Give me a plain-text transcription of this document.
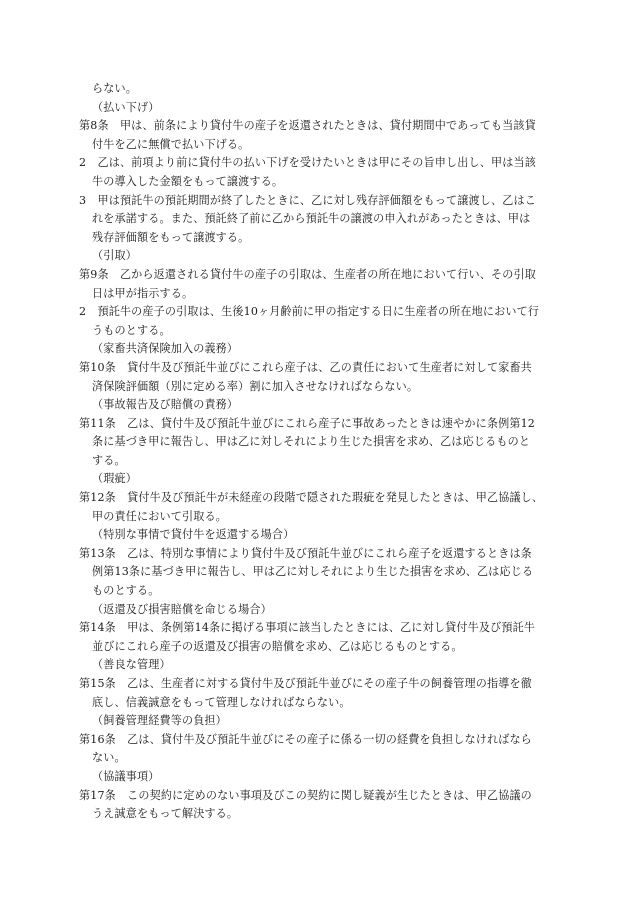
らない。
（払い下げ）
第8条　甲は、前条により貸付牛の産子を返還されたときは、貸付期間中であっても当該貸
付牛を乙に無償で払い下げる。
2　乙は、前項より前に貸付牛の払い下げを受けたいときは甲にその旨申し出し、甲は当該
牛の導入した金額をもって譲渡する。
3　甲は預託牛の預託期間が終了したときに、乙に対し残存評価額をもって譲渡し、乙はこ
れを承諾する。また、預託終了前に乙から預託牛の譲渡の申入れがあったときは、甲は
残存評価額をもって譲渡する。
（引取）
第9条　乙から返還される貸付牛の産子の引取は、生産者の所在地において行い、その引取
日は甲が指示する。
2　預託牛の産子の引取は、生後10ヶ月齢前に甲の指定する日に生産者の所在地において行
うものとする。
（家畜共済保険加入の義務）
第10条　貸付牛及び預託牛並びにこれら産子は、乙の責任において生産者に対して家畜共
済保険評価額（別に定める率）割に加入させなければならない。
（事故報告及び賠償の責務）
第11条　乙は、貸付牛及び預託牛並びにこれら産子に事故あったときは速やかに条例第12
条に基づき甲に報告し、甲は乙に対しそれにより生じた損害を求め、乙は応じるものと
する。
（瑕疵）
第12条　貸付牛及び預託牛が未経産の段階で隠された瑕疵を発見したときは、甲乙協議し、
甲の責任において引取る。
（特別な事情で貸付牛を返還する場合）
第13条　乙は、特別な事情により貸付牛及び預託牛並びにこれら産子を返還するときは条
例第13条に基づき甲に報告し、甲は乙に対しそれにより生じた損害を求め、乙は応じる
ものとする。
（返還及び損害賠償を命じる場合）
第14条　甲は、条例第14条に掲げる事項に該当したときには、乙に対し貸付牛及び預託牛
並びにこれら産子の返還及び損害の賠償を求め、乙は応じるものとする。
（善良な管理）
第15条　乙は、生産者に対する貸付牛及び預託牛並びにその産子牛の飼養管理の指導を徹
底し、信義誠意をもって管理しなければならない。
（飼養管理経費等の負担）
第16条　乙は、貸付牛及び預託牛並びにその産子に係る一切の経費を負担しなければなら
ない。
（協議事項）
第17条　この契約に定めのない事項及びこの契約に関し疑義が生じたときは、甲乙協議の
うえ誠意をもって解決する。
